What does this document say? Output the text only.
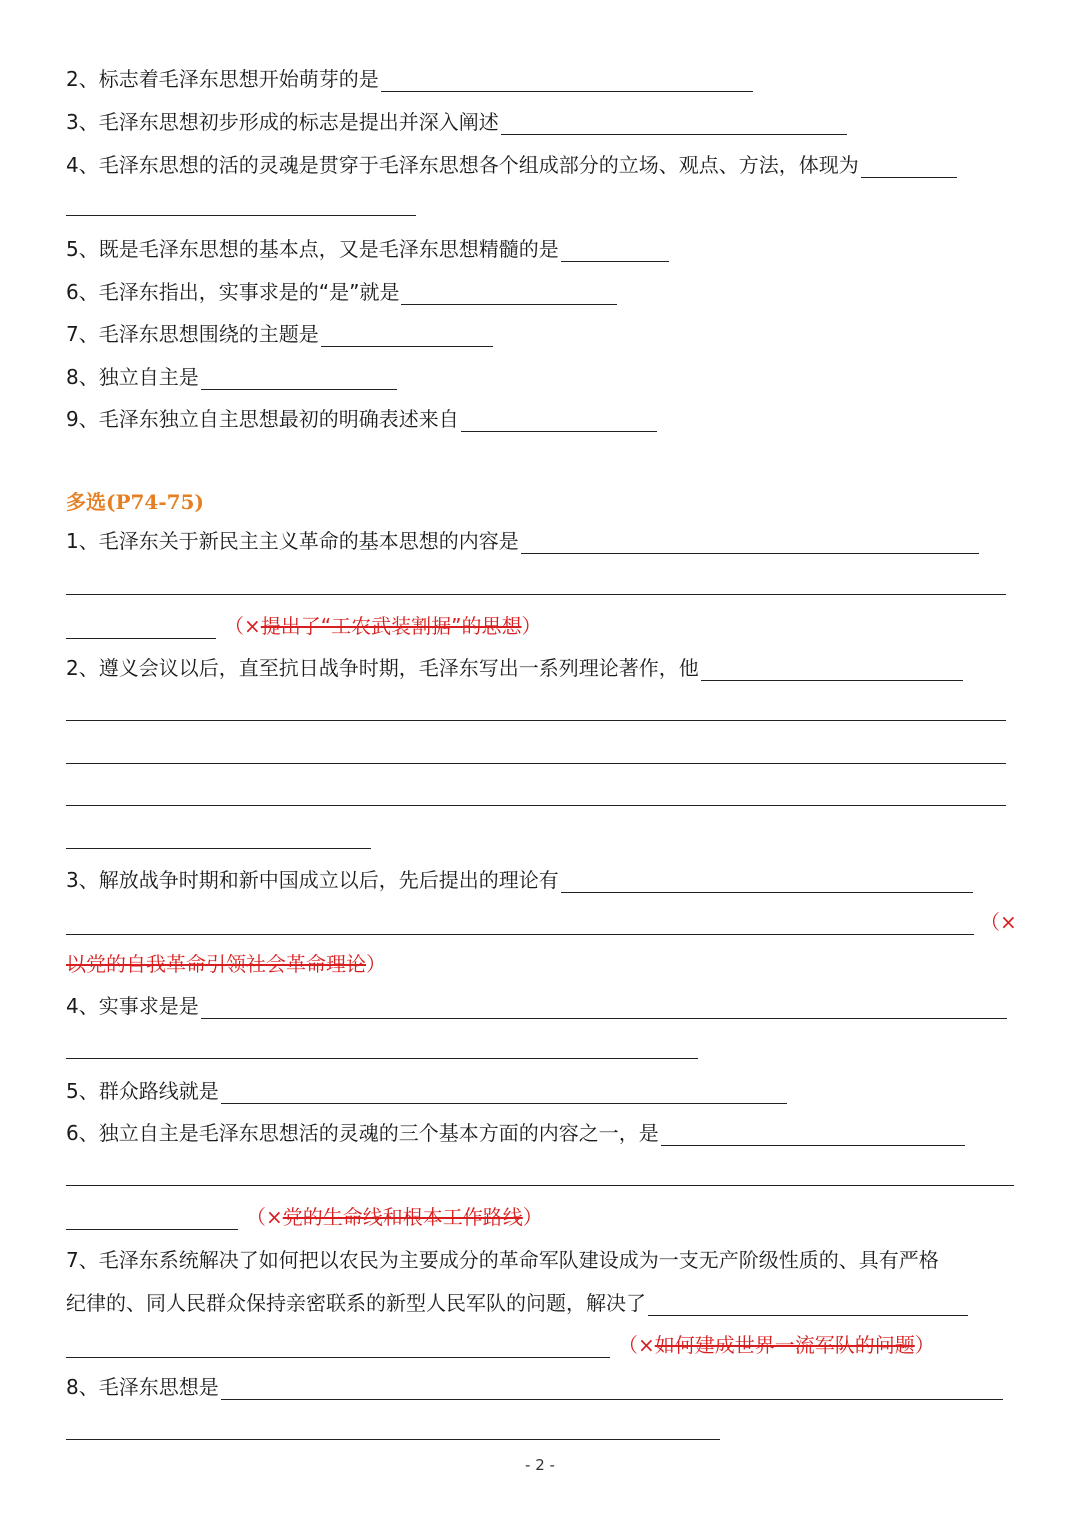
2、标志着毛泽东思想开始萌芽的是
3、毛泽东思想初步形成的标志是提出并深入阐述
4、毛泽东思想的活的灵魂是贯穿于毛泽东思想各个组成部分的立场、观点、方法，体现为
5、既是毛泽东思想的基本点，又是毛泽东思想精髓的是
6、毛泽东指出，实事求是的“是”就是
7、毛泽东思想围绕的主题是
8、独立自主是
9、毛泽东独立自主思想最初的明确表述来自
多选(P74-75)
1、毛泽东关于新民主主义革命的基本思想的内容是
（×提出了“工农武装割据”的思想）
2、遵义会议以后，直至抗日战争时期，毛泽东写出一系列理论著作，他
3、解放战争时期和新中国成立以后，先后提出的理论有
（×
以党的自我革命引领社会革命理论）
4、实事求是是
5、群众路线就是
6、独立自主是毛泽东思想活的灵魂的三个基本方面的内容之一，是
（×党的生命线和根本工作路线）
7、毛泽东系统解决了如何把以农民为主要成分的革命军队建设成为一支无产阶级性质的、具有严格
纪律的、同人民群众保持亲密联系的新型人民军队的问题，解决了
（×如何建成世界一流军队的问题）
8、毛泽东思想是
- 2 -
